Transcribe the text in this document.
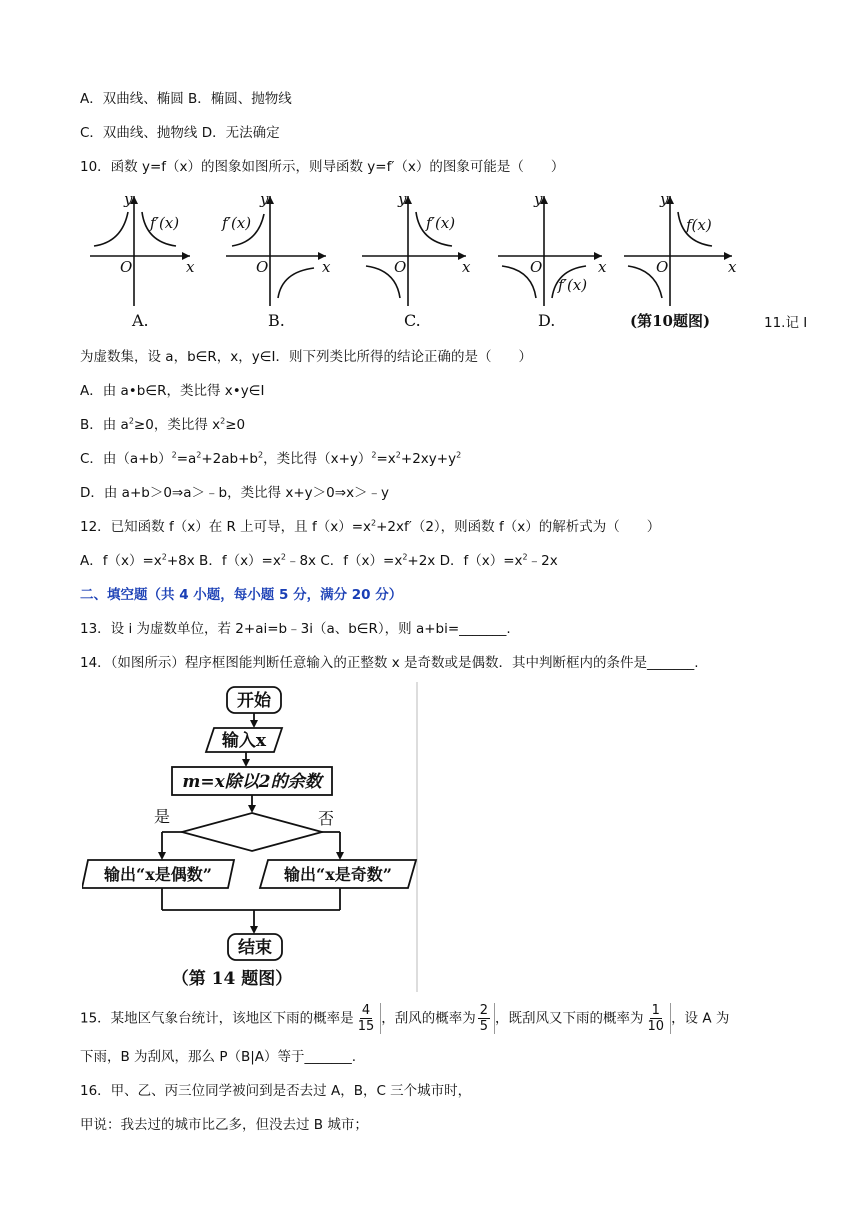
A．双曲线、椭圆 B．椭圆、抛物线
C．双曲线、抛物线 D．无法确定
10．函数 y=f（x）的图象如图所示，则导函数 y=f′（x）的图象可能是（　　）
y
x
O
f′(x)
A.
y
x
O
f′(x)
B.
y
x
O
f′(x)
C.
y
x
O
f′(x)
D.
y
x
O
f(x)
(第10题图)	11.记 I
为虚数集，设 a，b∈R，x，y∈I．则下列类比所得的结论正确的是（　　）
A．由 a•b∈R，类比得 x•y∈I
B．由 $a^2\ge 0$，类比得 $x^2\ge 0$
C．由$(a+b)^2=a^2+2ab+b^2$，类比得$(x+y)^2=x^2+2xy+y^2$
D．由 a+b＞0⇒a＞﹣b，类比得 x+y＞0⇒x＞﹣y
12．已知函数 f（x）在 R 上可导，且 $f(x)=x^2+2xf'(2)$，则函数 f（x）的解析式为（　　）
A．$f(x)=x^2+8x$ B．$f(x)=x^2﹣8x$ C．$f(x)=x^2+2x$ D．$f(x)=x^2﹣2x$
二、填空题（共 4 小题，每小题 5 分，满分 20 分）
13．设 i 为虚数单位，若 2+ai=b﹣3i（a、b∈R），则 a+bi=_______.
14．（如图所示）程序框图能判断任意输入的正整数 x 是奇数或是偶数．其中判断框内的条件是_______.
开始
输入x
m=x除以2的余数
是	否
输出“x是偶数”	输出“x是奇数”
结束
（第 14 题图）
15．某地区气象台统计，该地区下雨的概率是 $\frac{4}{15}$ ，刮风的概率为 $\frac{2}{5}$ ，既刮风又下雨的概率为 $\frac{1}{10}$ ，设 A 为
下雨，B 为刮风，那么 P（B|A）等于_______.
16．甲、乙、丙三位同学被问到是否去过 A，B，C 三个城市时，
甲说：我去过的城市比乙多，但没去过 B 城市；
